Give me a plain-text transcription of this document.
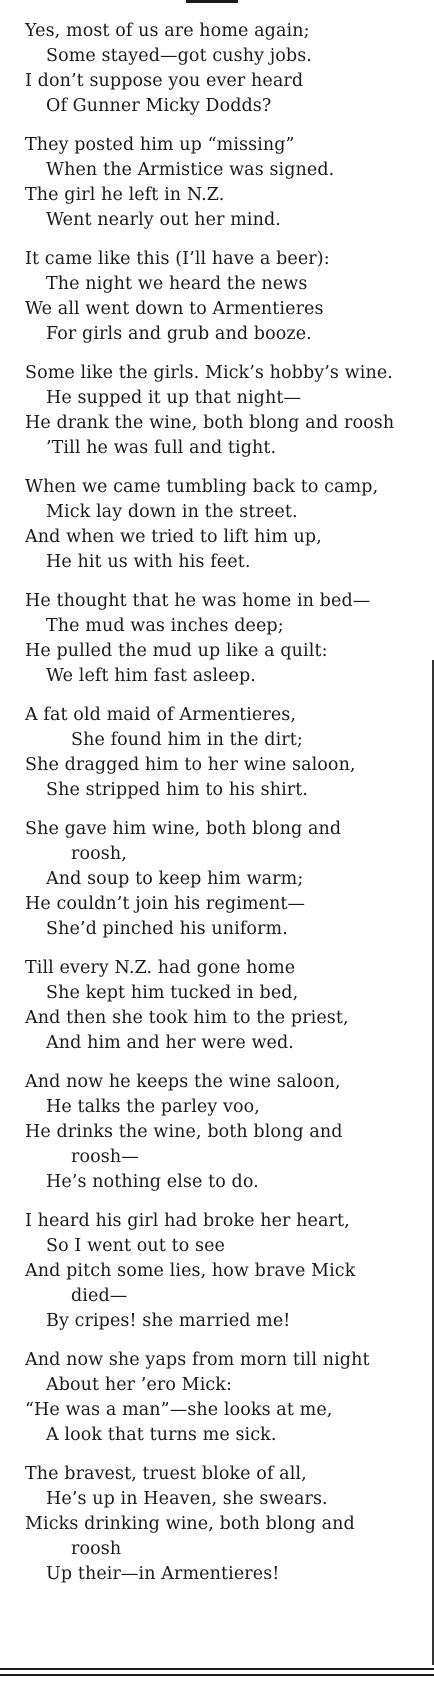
Yes, most of us are home again;
Some stayed—got cushy jobs.
I don’t suppose you ever heard
Of Gunner Micky Dodds?
They posted him up “missing”
When the Armistice was signed.
The girl he left in N.Z.
Went nearly out her mind.
It came like this (I’ll have a beer):
The night we heard the news
We all went down to Armentieres
For girls and grub and booze.
Some like the girls. Mick’s hobby’s wine.
He supped it up that night—
He drank the wine, both blong and roosh
’Till he was full and tight.
When we came tumbling back to camp,
Mick lay down in the street.
And when we tried to lift him up,
He hit us with his feet.
He thought that he was home in bed—
The mud was inches deep;
He pulled the mud up like a quilt:
We left him fast asleep.
A fat old maid of Armentieres,
She found him in the dirt;
She dragged him to her wine saloon,
She stripped him to his shirt.
She gave him wine, both blong and
roosh,
And soup to keep him warm;
He couldn’t join his regiment—
She’d pinched his uniform.
Till every N.Z. had gone home
She kept him tucked in bed,
And then she took him to the priest,
And him and her were wed.
And now he keeps the wine saloon,
He talks the parley voo,
He drinks the wine, both blong and
roosh—
He’s nothing else to do.
I heard his girl had broke her heart,
So I went out to see
And pitch some lies, how brave Mick
died—
By cripes! she married me!
And now she yaps from morn till night
About her ’ero Mick:
“He was a man”—she looks at me,
A look that turns me sick.
The bravest, truest bloke of all,
He’s up in Heaven, she swears.
Micks drinking wine, both blong and
roosh
Up their—in Armentieres!
